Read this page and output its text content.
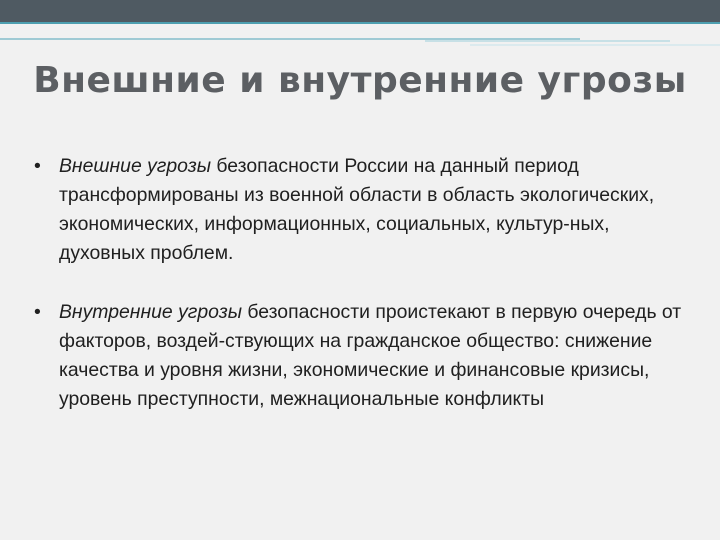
Внешние и внутренние угрозы
• Внешние угрозы безопасности России на данный период трансформированы из военной области в область экологических, экономических, информационных, социальных, культур-ных, духовных проблем.
• Внутренние угрозы безопасности проистекают в первую очередь от факторов, воздей-ствующих на гражданское общество: снижение качества и уровня жизни, экономические и финансовые кризисы, уровень преступности, межнациональные конфликты
